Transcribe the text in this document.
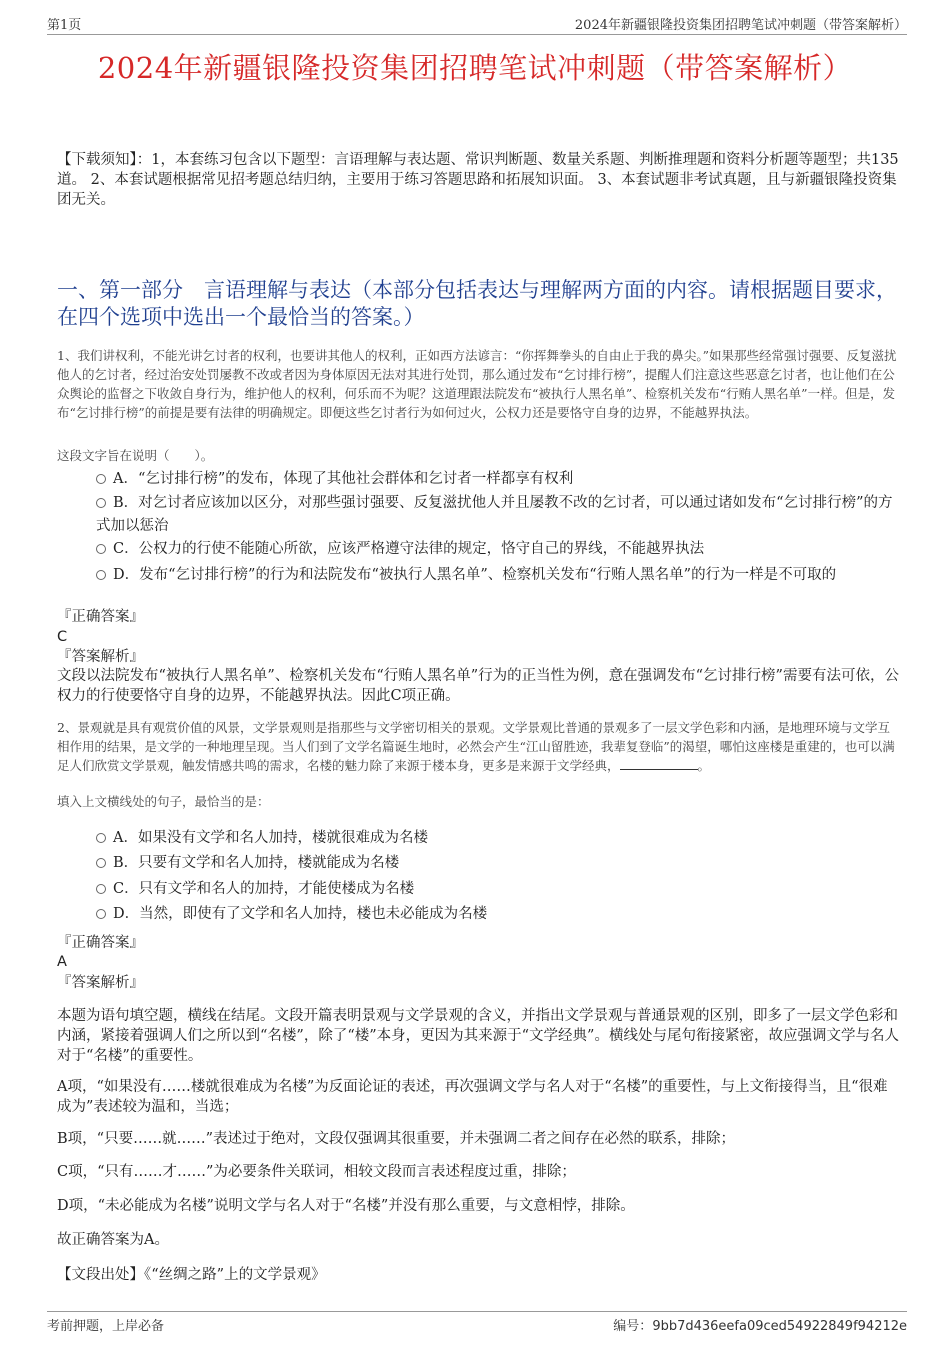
第1页	2024年新疆银隆投资集团招聘笔试冲刺题（带答案解析）
2024年新疆银隆投资集团招聘笔试冲刺题（带答案解析）
【下载须知】：1，本套练习包含以下题型：言语理解与表达题、常识判断题、数量关系题、判断推理题和资料分析题等题型；共135道。 2、本套试题根据常见招考题总结归纳，主要用于练习答题思路和拓展知识面。 3、本套试题非考试真题，且与新疆银隆投资集团无关。
一、第一部分　言语理解与表达（本部分包括表达与理解两方面的内容。请根据题目要求，在四个选项中选出一个最恰当的答案。）
1、我们讲权利，不能光讲乞讨者的权利，也要讲其他人的权利，正如西方法谚言：“你挥舞拳头的自由止于我的鼻尖。”如果那些经常强讨强要、反复滋扰他人的乞讨者，经过治安处罚屡教不改或者因为身体原因无法对其进行处罚，那么通过发布“乞讨排行榜”，提醒人们注意这些恶意乞讨者，也让他们在公众舆论的监督之下收敛自身行为，维护他人的权利，何乐而不为呢？这道理跟法院发布“被执行人黑名单”、检察机关发布“行贿人黑名单”一样。但是，发布“乞讨排行榜”的前提是要有法律的明确规定。即便这些乞讨者行为如何过火，公权力还是要恪守自身的边界，不能越界执法。
这段文字旨在说明（　　）。
A．“乞讨排行榜”的发布，体现了其他社会群体和乞讨者一样都享有权利
B．对乞讨者应该加以区分，对那些强讨强要、反复滋扰他人并且屡教不改的乞讨者，可以通过诸如发布“乞讨排行榜”的方式加以惩治
C．公权力的行使不能随心所欲，应该严格遵守法律的规定，恪守自己的界线，不能越界执法
D．发布“乞讨排行榜”的行为和法院发布“被执行人黑名单”、检察机关发布“行贿人黑名单”的行为一样是不可取的
『正确答案』
C
『答案解析』
文段以法院发布“被执行人黑名单”、检察机关发布“行贿人黑名单”行为的正当性为例，意在强调发布“乞讨排行榜”需要有法可依，公权力的行使要恪守自身的边界，不能越界执法。因此C项正确。
2、景观就是具有观赏价值的风景，文学景观则是指那些与文学密切相关的景观。文学景观比普通的景观多了一层文学色彩和内涵，是地理环境与文学互相作用的结果，是文学的一种地理呈现。当人们到了文学名篇诞生地时，必然会产生“江山留胜迹，我辈复登临”的渴望，哪怕这座楼是重建的，也可以满足人们欣赏文学景观，触发情感共鸣的需求，名楼的魅力除了来源于楼本身，更多是来源于文学经典，	。
填入上文横线处的句子，最恰当的是：
A．如果没有文学和名人加持，楼就很难成为名楼
B．只要有文学和名人加持，楼就能成为名楼
C．只有文学和名人的加持，才能使楼成为名楼
D．当然，即使有了文学和名人加持，楼也未必能成为名楼
『正确答案』
A
『答案解析』
本题为语句填空题，横线在结尾。文段开篇表明景观与文学景观的含义，并指出文学景观与普通景观的区别，即多了一层文学色彩和内涵，紧接着强调人们之所以到“名楼”，除了“楼”本身，更因为其来源于“文学经典”。横线处与尾句衔接紧密，故应强调文学与名人对于“名楼”的重要性。
A项，“如果没有……楼就很难成为名楼”为反面论证的表述，再次强调文学与名人对于“名楼”的重要性，与上文衔接得当，且“很难成为”表述较为温和，当选；
B项，“只要……就……”表述过于绝对，文段仅强调其很重要，并未强调二者之间存在必然的联系，排除；
C项，“只有……才……”为必要条件关联词，相较文段而言表述程度过重，排除；
D项，“未必能成为名楼”说明文学与名人对于“名楼”并没有那么重要，与文意相悖，排除。
故正确答案为A。
【文段出处】《“丝绸之路”上的文学景观》
考前押题，上岸必备	编号：9bb7d436eefa09ced54922849f94212e
